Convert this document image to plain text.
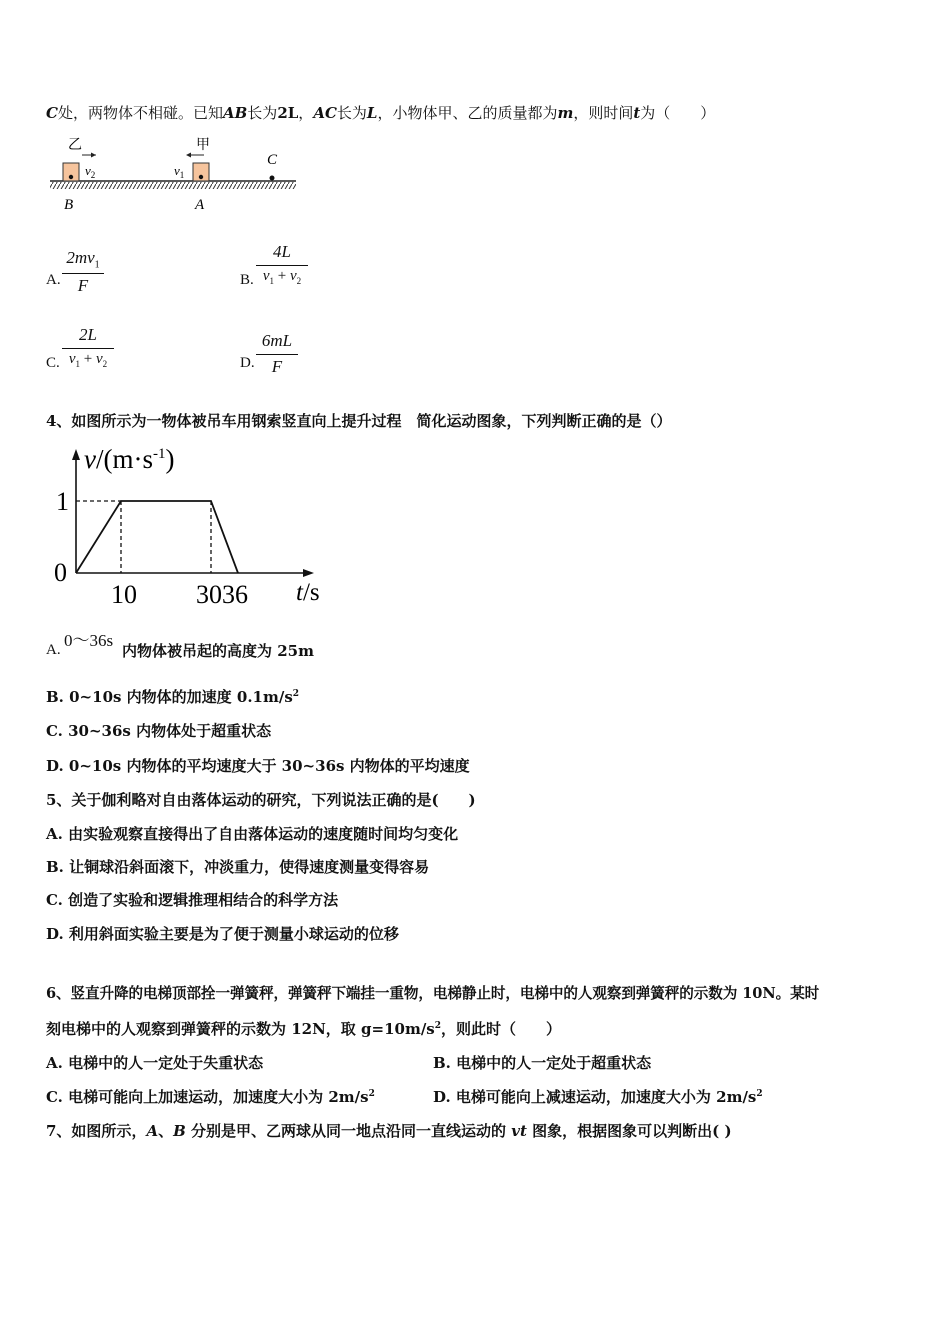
C处，两物体不相碰。已知AB长为2L，AC长为L，小物体甲、乙的质量都为m，则时间t为（　　）
乙
$v_2$
B
甲
$v_1$
A
C
A.
$2mv_1$
F	B.
4L
$v_1 + v_2$
C.
2L
$v_1 + v_2$	D.
6mL
F
4、如图所示为一物体被吊车用钢索竖直向上提升过程　简化运动图象，下列判断正确的是（）
$v/(m\cdot s^{-1})$
t/s
1
0
10 3036
A. 0～36s
内物体被吊起的高度为 25m
B. 0~10s 内物体的加速度 $0.1m/s^2$
C. 30~36s 内物体处于超重状态
D. 0~10s 内物体的平均速度大于 30~36s 内物体的平均速度
5、关于伽利略对自由落体运动的研究，下列说法正确的是(　　)
A. 由实验观察直接得出了自由落体运动的速度随时间均匀变化
B. 让铜球沿斜面滚下，冲淡重力，使得速度测量变得容易
C. 创造了实验和逻辑推理相结合的科学方法
D. 利用斜面实验主要是为了便于测量小球运动的位移
6、竖直升降的电梯顶部拴一弹簧秤，弹簧秤下端挂一重物，电梯静止时，电梯中的人观察到弹簧秤的示数为 10N。某时
刻电梯中的人观察到弹簧秤的示数为 12N，取 $g=10m/s^2$，则此时（　　）
A. 电梯中的人一定处于失重状态	B. 电梯中的人一定处于超重状态
C. 电梯可能向上加速运动，加速度大小为 $2m/s^2$	D. 电梯可能向上减速运动，加速度大小为 $2m/s^2$
7、如图所示，A、B 分别是甲、乙两球从同一地点沿同一直线运动的 vt 图象，根据图象可以判断出( )
